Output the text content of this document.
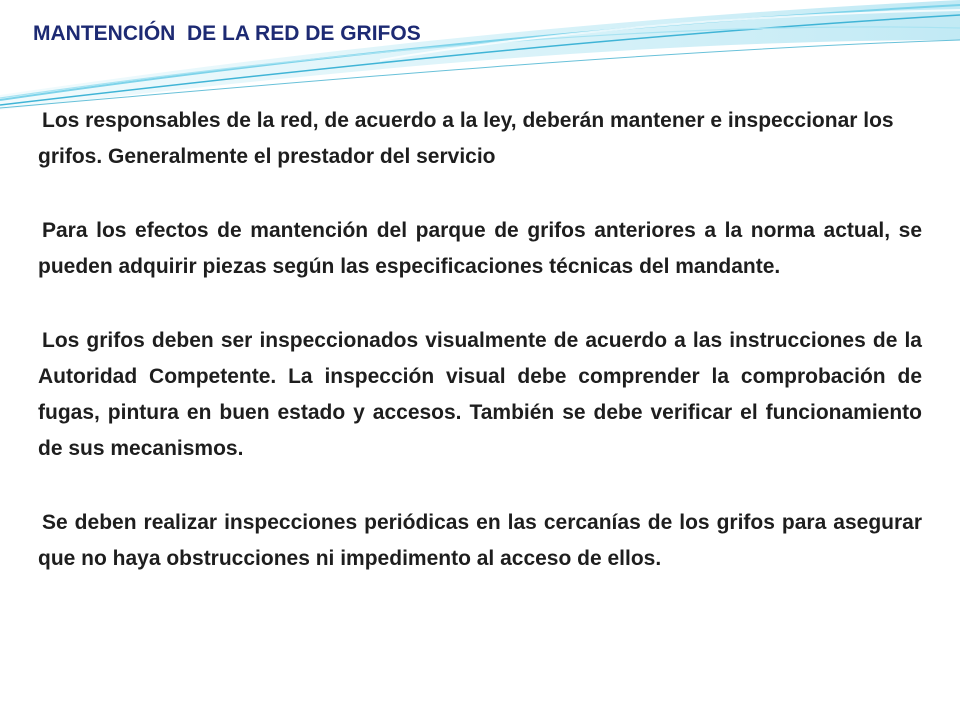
MANTENCIÓN  DE LA RED DE GRIFOS

Los responsables de la red, de acuerdo a la ley, deberán mantener e inspeccionar los grifos. Generalmente el prestador del servicio

Para los efectos de mantención del parque de grifos anteriores a la norma actual, se pueden adquirir piezas según las especificaciones técnicas del mandante.

Los grifos deben ser inspeccionados visualmente de acuerdo a las instrucciones de la Autoridad Competente. La inspección visual debe comprender la comprobación de fugas, pintura en buen estado y accesos. También se debe verificar el funcionamiento de sus mecanismos.

Se deben realizar inspecciones periódicas en las cercanías de los grifos para asegurar que no haya obstrucciones ni impedimento al acceso de ellos.
